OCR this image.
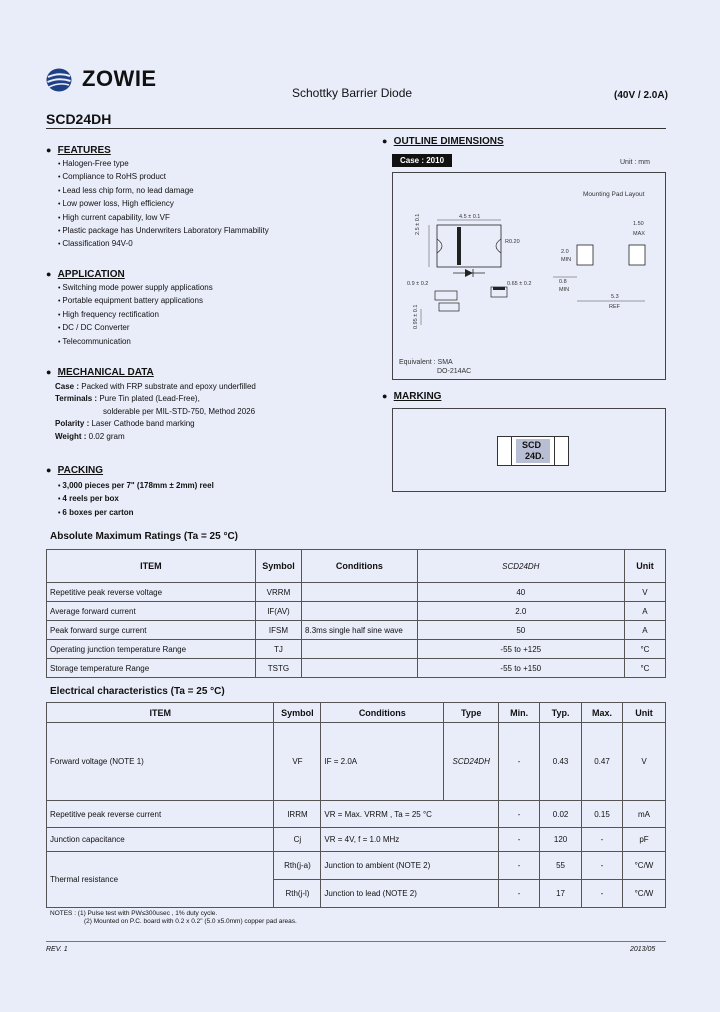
ZOWIE
Schottky Barrier Diode	(40V / 2.0A)
SCD24DH
● FEATURES
• Halogen-Free type
• Compliance to RoHS product
• Lead less chip form, no lead damage
• Low power loss, High efficiency
• High current capability, low VF
• Plastic package has Underwriters Laboratory Flammability
• Classification 94V-0
● APPLICATION
• Switching mode power supply applications
• Portable equipment battery applications
• High frequency rectification
• DC / DC Converter
• Telecommunication
● MECHANICAL DATA
Case : Packed with FRP substrate and epoxy underfilled
Terminals : Pure Tin plated (Lead-Free),
solderable per MIL-STD-750, Method 2026
Polarity : Laser Cathode band marking
Weight : 0.02 gram
● PACKING
• 3,000 pieces per 7" (178mm ± 2mm) reel
• 4 reels per box
• 6 boxes per carton
● OUTLINE DIMENSIONS
Case : 2010	Unit : mm
Mounting Pad Layout
4.5 ± 0.1
2.5 ± 0.1
R0.20
0.9 ± 0.2	0.65 ± 0.2
0.95 ± 0.1
1.50
MAX
2.0
MIN
0.8
MIN
5.3
REF
Equivalent : SMA
DO-214AC
● MARKING
SCD
24D.
Absolute Maximum Ratings (Ta = 25 °C)
ITEM	Symbol	Conditions	SCD24DH	Unit
Repetitive peak reverse voltage	VRRM		40	V
Average forward current	IF(AV)		2.0	A
Peak forward surge current	IFSM	8.3ms single half sine wave	50	A
Operating junction temperature Range	TJ		-55 to +125	°C
Storage temperature Range	TSTG		-55 to +150	°C
Electrical characteristics (Ta = 25 °C)
ITEM	Symbol	Conditions	Type	Min.	Typ.	Max.	Unit
Forward voltage (NOTE 1)	VF	IF = 2.0A	SCD24DH	-	0.43	0.47	V
Repetitive peak reverse current	IRRM	VR = Max. VRRM , Ta = 25 °C		-	0.02	0.15	mA
Junction capacitance	Cj	VR = 4V, f = 1.0 MHz		-	120	-	pF
Thermal resistance	Rth(j-a)	Junction to ambient (NOTE 2)		-	55	-	°C/W
	Rth(j-l)	Junction to lead (NOTE 2)		-	17	-	°C/W
NOTES : (1) Pulse test with PW≤300usec , 1% duty cycle.
(2) Mounted on P.C. board with 0.2 x 0.2" (5.0 x5.0mm) copper pad areas.
REV. 1	2013/05
